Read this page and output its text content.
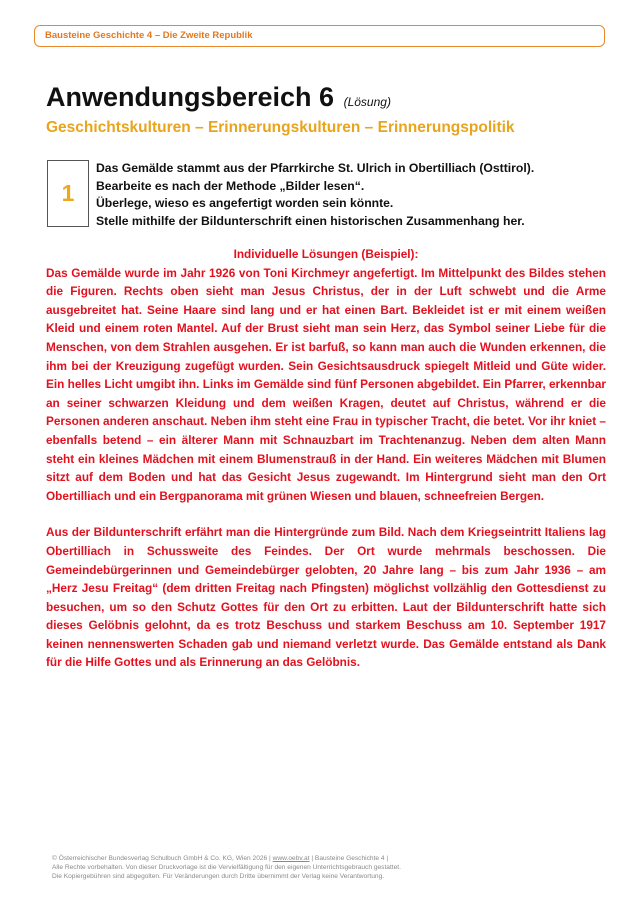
Bausteine Geschichte 4 – Die Zweite Republik
Anwendungsbereich 6 (Lösung)
Geschichtskulturen – Erinnerungskulturen – Erinnerungspolitik
1
Das Gemälde stammt aus der Pfarrkirche St. Ulrich in Obertilliach (Osttirol).
Bearbeite es nach der Methode „Bilder lesen“.
Überlege, wieso es angefertigt worden sein könnte.
Stelle mithilfe der Bildunterschrift einen historischen Zusammenhang her.
Individuelle Lösungen (Beispiel):

Das Gemälde wurde im Jahr 1926 von Toni Kirchmeyr angefertigt. Im Mittelpunkt des Bildes stehen die Figuren. Rechts oben sieht man Jesus Christus, der in der Luft schwebt und die Arme ausgebreitet hat. Seine Haare sind lang und er hat einen Bart. Bekleidet ist er mit einem weißen Kleid und einem roten Mantel. Auf der Brust sieht man sein Herz, das Symbol seiner Liebe für die Menschen, von dem Strahlen ausgehen. Er ist barfuß, so kann man auch die Wunden erkennen, die ihm bei der Kreuzigung zugefügt wurden. Sein Gesichtsausdruck spiegelt Mitleid und Güte wider. Ein helles Licht umgibt ihn. Links im Gemälde sind fünf Personen abgebildet. Ein Pfarrer, erkennbar an seiner schwarzen Kleidung und dem weißen Kragen, deutet auf Christus, während er die Personen anderen anschaut. Neben ihm steht eine Frau in typischer Tracht, die betet. Vor ihr kniet – ebenfalls betend – ein älterer Mann mit Schnauzbart im Trachtenanzug. Neben dem alten Mann steht ein kleines Mädchen mit einem Blumenstrauß in der Hand. Ein weiteres Mädchen mit Blumen sitzt auf dem Boden und hat das Gesicht Jesus zugewandt. Im Hintergrund sieht man den Ort Obertilliach und ein Bergpanorama mit grünen Wiesen und blauen, schneefreien Bergen.

Aus der Bildunterschrift erfährt man die Hintergründe zum Bild. Nach dem Kriegseintritt Italiens lag Obertilliach in Schussweite des Feindes. Der Ort wurde mehrmals beschossen. Die Gemeindebürgerinnen und Gemeindebürger gelobten, 20 Jahre lang – bis zum Jahr 1936 – am „Herz Jesu Freitag“ (dem dritten Freitag nach Pfingsten) möglichst vollzählig den Gottesdienst zu besuchen, um so den Schutz Gottes für den Ort zu erbitten. Laut der Bildunterschrift hatte sich dieses Gelöbnis gelohnt, da es trotz Beschuss und starkem Beschuss am 10. September 1917 keinen nennenswerten Schaden gab und niemand verletzt wurde. Das Gemälde entstand als Dank für die Hilfe Gottes und als Erinnerung an das Gelöbnis.

© Österreichischer Bundesverlag Schulbuch GmbH & Co. KG, Wien 2026 | www.oebv.at | Bausteine Geschichte 4 |
Alle Rechte vorbehalten. Von dieser Druckvorlage ist die Vervielfältigung für den eigenen Unterrichtsgebrauch gestattet.
Die Kopiergebühren sind abgegolten. Für Veränderungen durch Dritte übernimmt der Verlag keine Verantwortung.
